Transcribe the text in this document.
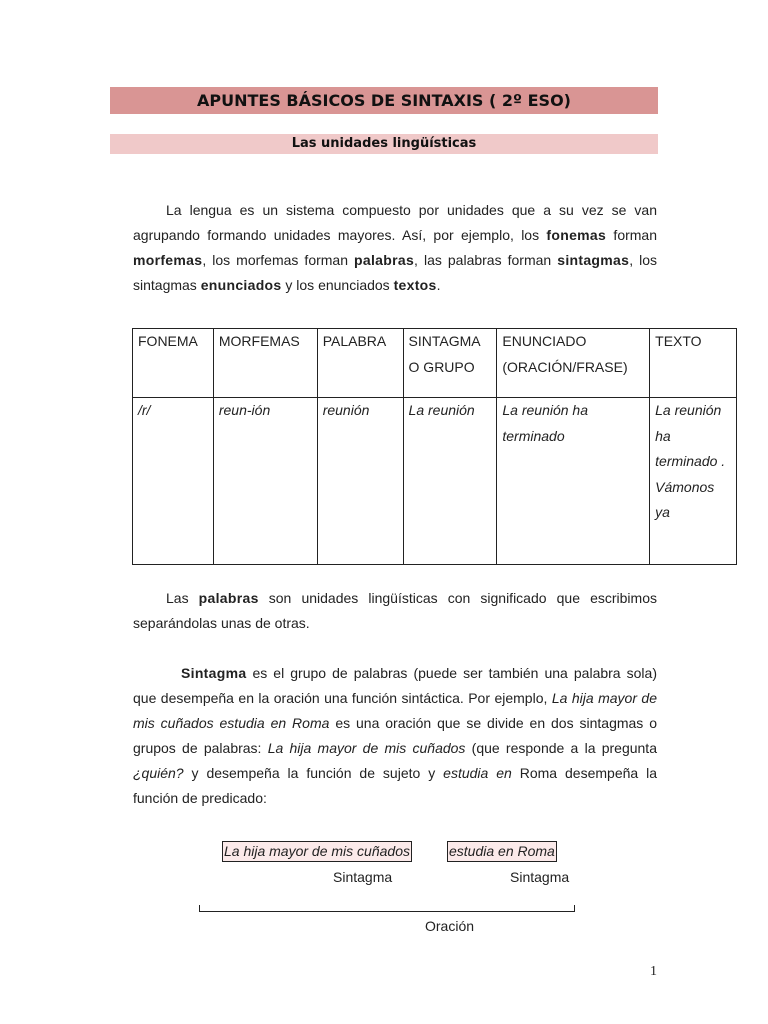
APUNTES BÁSICOS DE SINTAXIS ( 2º ESO)
Las unidades lingüísticas

La lengua es un sistema compuesto por unidades que a su vez se van agrupando formando unidades mayores. Así, por ejemplo, los fonemas forman morfemas, los morfemas forman palabras, las palabras forman sintagmas, los sintagmas enunciados y los enunciados textos.

FONEMA	MORFEMAS	PALABRA	SINTAGMA O GRUPO	ENUNCIADO (ORACIÓN/FRASE)	TEXTO
/r/	reun-ión	reunión	La reunión	La reunión ha terminado	La reunión ha terminado . Vámonos ya

Las palabras son unidades lingüísticas con significado que escribimos separándolas unas de otras.

Sintagma es el grupo de palabras (puede ser también una palabra sola) que desempeña en la oración una función sintáctica. Por ejemplo, La hija mayor de mis cuñados estudia en Roma es una oración que se divide en dos sintagmas o grupos de palabras: La hija mayor de mis cuñados (que responde a la pregunta ¿quién? y desempeña la función de sujeto y estudia en Roma desempeña la función de predicado:

La hija mayor de mis cuñados	estudia en Roma
Sintagma	Sintagma
Oración
1
